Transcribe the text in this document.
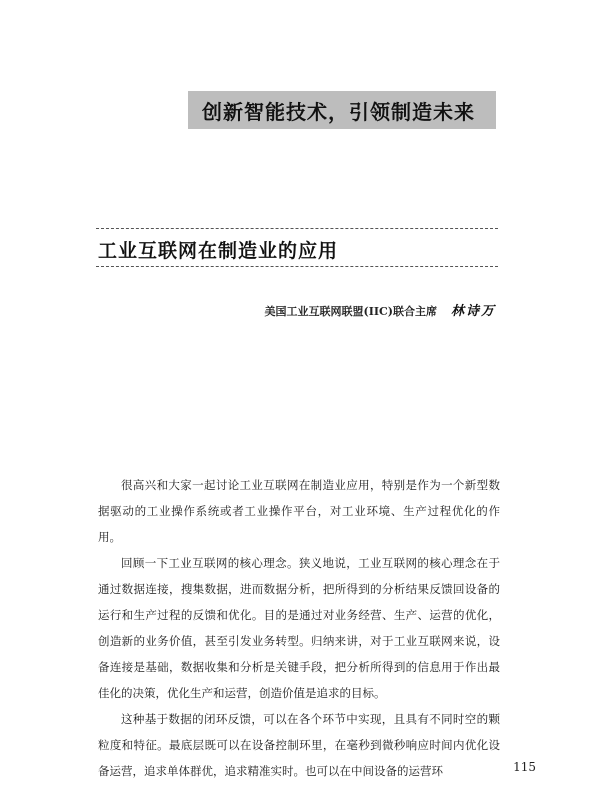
创新智能技术，引领制造未来
工业互联网在制造业的应用
美国工业互联网联盟(IIC)联合主席 林诗万

很高兴和大家一起讨论工业互联网在制造业应用，特别是作为一个新型数据驱动的工业操作系统或者工业操作平台，对工业环境、生产过程优化的作用。

回顾一下工业互联网的核心理念。狭义地说，工业互联网的核心理念在于通过数据连接，搜集数据，进而数据分析，把所得到的分析结果反馈回设备的运行和生产过程的反馈和优化。目的是通过对业务经营、生产、运营的优化，创造新的业务价值，甚至引发业务转型。归纳来讲，对于工业互联网来说，设备连接是基础，数据收集和分析是关键手段，把分析所得到的信息用于作出最佳化的决策，优化生产和运营，创造价值是追求的目标。

这种基于数据的闭环反馈，可以在各个环节中实现，且具有不同时空的颗粒度和特征。最底层既可以在设备控制环里，在毫秒到微秒响应时间内优化设备运营，追求单体群优，追求精准实时。也可以在中间设备的运营环	115
